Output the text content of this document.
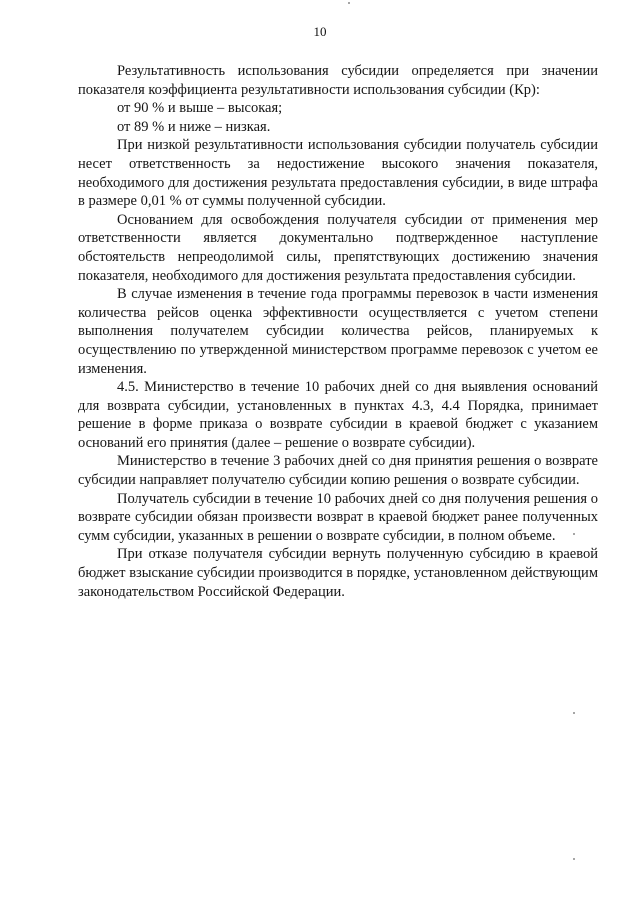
10

Результативность использования субсидии определяется при значении показателя коэффициента результативности использования субсидии (Кр):

от 90 % и выше – высокая;

от 89 % и ниже – низкая.

При низкой результативности использования субсидии получатель субсидии несет ответственность за недостижение высокого значения показателя, необходимого для достижения результата предоставления субсидии, в виде штрафа в размере 0,01 % от суммы полученной субсидии.

Основанием для освобождения получателя субсидии от применения мер ответственности является документально подтвержденное наступление обстоятельств непреодолимой силы, препятствующих достижению значения показателя, необходимого для достижения результата предоставления субсидии.

В случае изменения в течение года программы перевозок в части изменения количества рейсов оценка эффективности осуществляется с учетом степени выполнения получателем субсидии количества рейсов, планируемых к осуществлению по утвержденной министерством программе перевозок с учетом ее изменения.

4.5. Министерство в течение 10 рабочих дней со дня выявления оснований для возврата субсидии, установленных в пунктах 4.3, 4.4 Порядка, принимает решение в форме приказа о возврате субсидии в краевой бюджет с указанием оснований его принятия (далее – решение о возврате субсидии).

Министерство в течение 3 рабочих дней со дня принятия решения о возврате субсидии направляет получателю субсидии копию решения о возврате субсидии.

Получатель субсидии в течение 10 рабочих дней со дня получения решения о возврате субсидии обязан произвести возврат в краевой бюджет ранее полученных сумм субсидии, указанных в решении о возврате субсидии, в полном объеме.

При отказе получателя субсидии вернуть полученную субсидию в краевой бюджет взыскание субсидии производится в порядке, установленном действующим законодательством Российской Федерации.
